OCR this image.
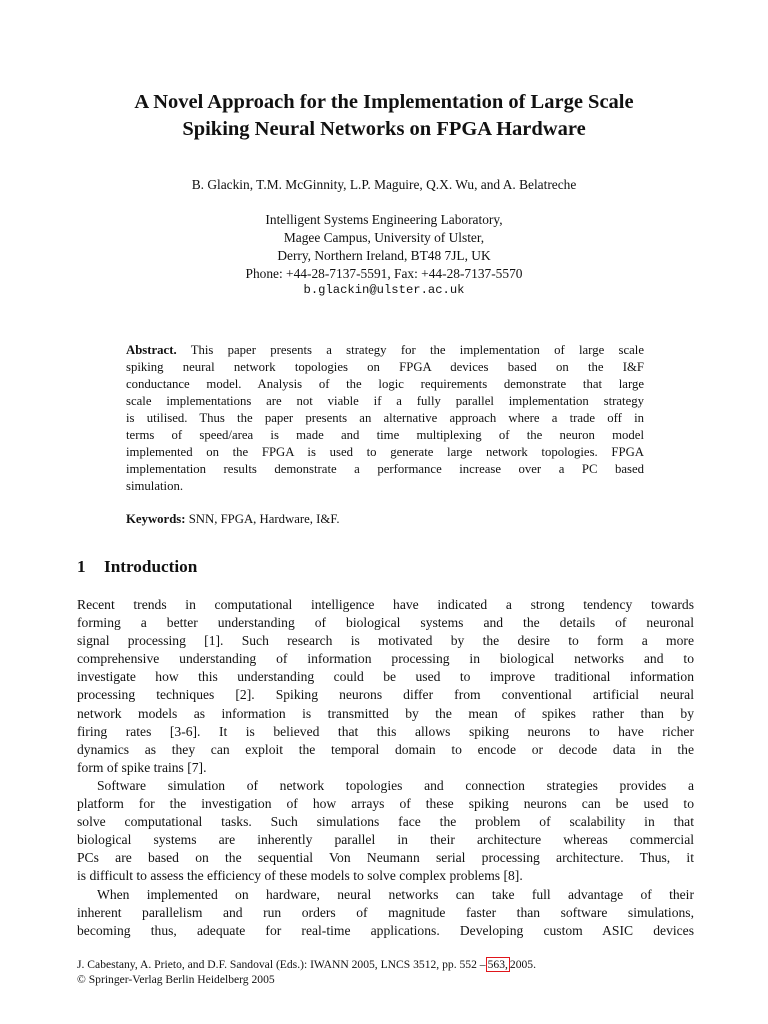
A Novel Approach for the Implementation of Large Scale
Spiking Neural Networks on FPGA Hardware
B. Glackin, T.M. McGinnity, L.P. Maguire, Q.X. Wu, and A. Belatreche
Intelligent Systems Engineering Laboratory,
Magee Campus, University of Ulster,
Derry, Northern Ireland, BT48 7JL, UK
Phone: +44-28-7137-5591, Fax: +44-28-7137-5570
b.glackin@ulster.ac.uk
Abstract. This paper presents a strategy for the implementation of large scale
spiking neural network topologies on FPGA devices based on the I&F
conductance model. Analysis of the logic requirements demonstrate that large
scale implementations are not viable if a fully parallel implementation strategy
is utilised. Thus the paper presents an alternative approach where a trade off in
terms of speed/area is made and time multiplexing of the neuron model
implemented on the FPGA is used to generate large network topologies. FPGA
implementation results demonstrate a performance increase over a PC based
simulation.
Keywords: SNN, FPGA, Hardware, I&F.
1 Introduction
Recent trends in computational intelligence have indicated a strong tendency towards
forming a better understanding of biological systems and the details of neuronal
signal processing [1]. Such research is motivated by the desire to form a more
comprehensive understanding of information processing in biological networks and to
investigate how this understanding could be used to improve traditional information
processing techniques [2]. Spiking neurons differ from conventional artificial neural
network models as information is transmitted by the mean of spikes rather than by
firing rates [3-6]. It is believed that this allows spiking neurons to have richer
dynamics as they can exploit the temporal domain to encode or decode data in the
form of spike trains [7].
Software simulation of network topologies and connection strategies provides a
platform for the investigation of how arrays of these spiking neurons can be used to
solve computational tasks. Such simulations face the problem of scalability in that
biological systems are inherently parallel in their architecture whereas commercial
PCs are based on the sequential Von Neumann serial processing architecture. Thus, it
is difficult to assess the efficiency of these models to solve complex problems [8].
When implemented on hardware, neural networks can take full advantage of their
inherent parallelism and run orders of magnitude faster than software simulations,
becoming thus, adequate for real-time applications. Developing custom ASIC devices
J. Cabestany, A. Prieto, and D.F. Sandoval (Eds.): IWANN 2005, LNCS 3512, pp. 552 – 563, 2005.
© Springer-Verlag Berlin Heidelberg 2005
